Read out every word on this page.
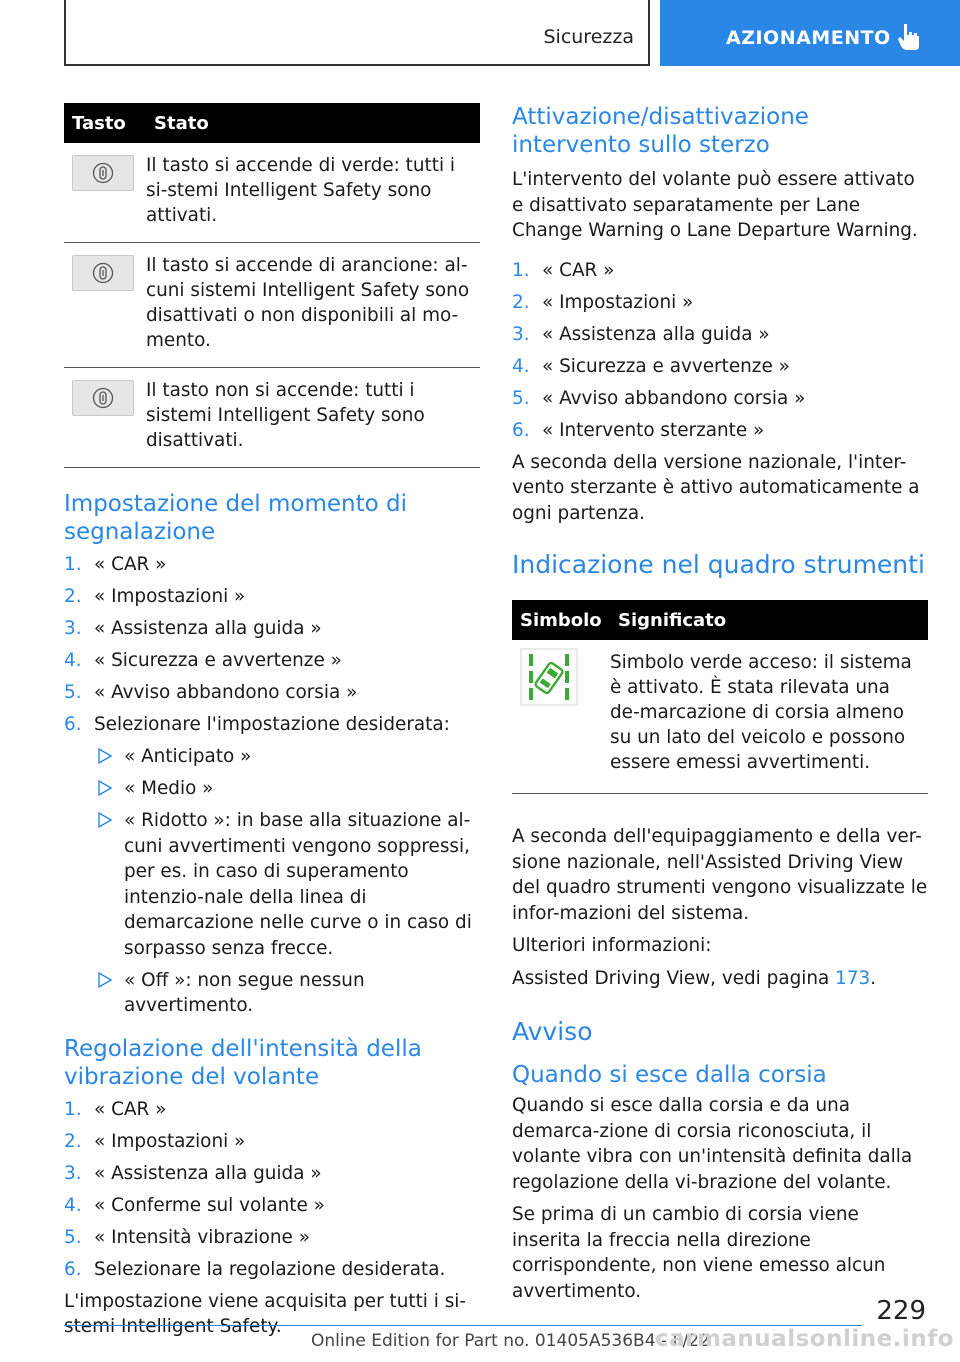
Sicurezza	AZIONAMENTO
Tasto	Stato

	Il tasto si accende di verde: tutti i si-stemi Intelligent Safety sono attivati.

	Il tasto si accende di arancione: al-cuni sistemi Intelligent Safety sono disattivati o non disponibili al mo-mento.

	Il tasto non si accende: tutti i sistemi Intelligent Safety sono disattivati.
Impostazione del momento di segnalazione
1. « CAR »
2. « Impostazioni »
3. « Assistenza alla guida »
4. « Sicurezza e avvertenze »
5. « Avviso abbandono corsia »
6. Selezionare l'impostazione desiderata:
« Anticipato »
« Medio »
« Ridotto »: in base alla situazione al-cuni avvertimenti vengono soppressi, per es. in caso di superamento intenzio-nale della linea di demarcazione nelle curve o in caso di sorpasso senza frecce.
« Off »: non segue nessun avvertimento.
Regolazione dell'intensità della vibrazione del volante
1. « CAR »
2. « Impostazioni »
3. « Assistenza alla guida »
4. « Conferme sul volante »
5. « Intensità vibrazione »
6. Selezionare la regolazione desiderata.

L'impostazione viene acquisita per tutti i si-stemi Intelligent Safety.

Attivazione/disattivazione intervento sullo sterzo

L'intervento del volante può essere attivato e disattivato separatamente per Lane Change Warning o Lane Departure Warning.

1. « CAR »
2. « Impostazioni »
3. « Assistenza alla guida »
4. « Sicurezza e avvertenze »
5. « Avviso abbandono corsia »
6. « Intervento sterzante »

A seconda della versione nazionale, l'inter-vento sterzante è attivo automaticamente a ogni partenza.

Indicazione nel quadro strumenti
Simbolo	Significato
	Simbolo verde acceso: il sistema è attivato. È stata rilevata una de-marcazione di corsia almeno su un lato del veicolo e possono essere emessi avvertimenti.

A seconda dell'equipaggiamento e della ver-sione nazionale, nell'Assisted Driving View del quadro strumenti vengono visualizzate le infor-mazioni del sistema.

Ulteriori informazioni:

Assisted Driving View, vedi pagina 173.

Avviso
Quando si esce dalla corsia

Quando si esce dalla corsia e da una demarca-zione di corsia riconosciuta, il volante vibra con un'intensità definita dalla regolazione della vi-brazione del volante.

Se prima di un cambio di corsia viene inserita la freccia nella direzione corrispondente, non viene emesso alcun avvertimento.

229
Online Edition for Part no. 01405A536B4 - II/22
carmanualsonline.info
